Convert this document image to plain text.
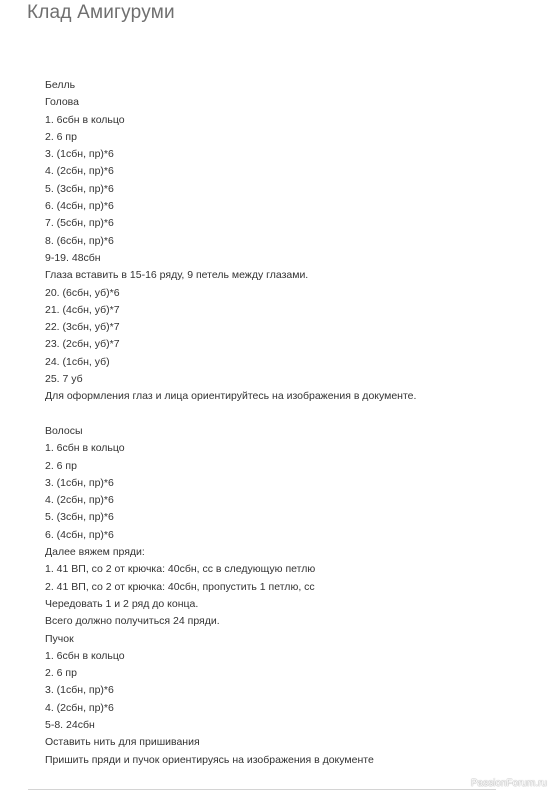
Клад Амигуруми
Белль
Голова
1. 6сбн в кольцо
2. 6 пр
3. (1сбн, пр)*6
4. (2сбн, пр)*6
5. (3сбн, пр)*6
6. (4сбн, пр)*6
7. (5сбн, пр)*6
8. (6сбн, пр)*6
9-19. 48сбн
Глаза вставить в 15-16 ряду, 9 петель между глазами.
20. (6сбн, уб)*6
21. (4сбн, уб)*7
22. (3сбн, уб)*7
23. (2сбн, уб)*7
24. (1сбн, уб)
25. 7 уб
Для оформления глаз и лица ориентируйтесь на изображения в документе.
Волосы
1. 6сбн в кольцо
2. 6 пр
3. (1сбн, пр)*6
4. (2сбн, пр)*6
5. (3сбн, пр)*6
6. (4сбн, пр)*6
Далее вяжем пряди:
1. 41 ВП, со 2 от крючка: 40сбн, сс в следующую петлю
2. 41 ВП, со 2 от крючка: 40сбн, пропустить 1 петлю, сс
Чередовать 1 и 2 ряд до конца.
Всего должно получиться 24 пряди.
Пучок
1. 6сбн в кольцо
2. 6 пр
3. (1сбн, пр)*6
4. (2сбн, пр)*6
5-8. 24сбн
Оставить нить для пришивания
Пришить пряди и пучок ориентируясь на изображения в документе
PassionForum.ru
